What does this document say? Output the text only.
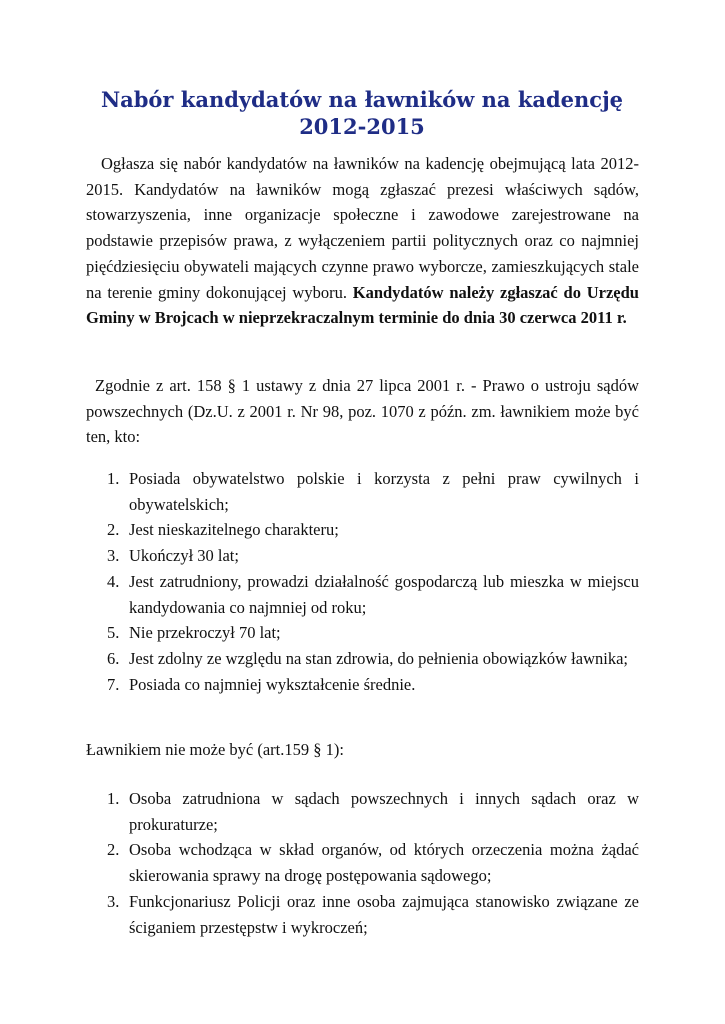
Nabór kandydatów na ławników na kadencję
2012-2015
Ogłasza się nabór kandydatów na ławników na kadencję obejmującą lata 2012-2015. Kandydatów na ławników mogą zgłaszać prezesi właściwych sądów, stowarzyszenia, inne organizacje społeczne i zawodowe zarejestrowane na podstawie przepisów prawa, z wyłączeniem partii politycznych oraz co najmniej pięćdziesięciu obywateli mających czynne prawo wyborcze, zamieszkujących stale na terenie gminy dokonującej wyboru. Kandydatów należy zgłaszać do Urzędu Gminy w Brojcach w nieprzekraczalnym terminie do dnia 30 czerwca 2011 r.
Zgodnie z art. 158 § 1 ustawy z dnia 27 lipca 2001 r. - Prawo o ustroju sądów powszechnych (Dz.U. z 2001 r. Nr 98, poz. 1070 z późn. zm. ławnikiem może być ten, kto:
1. Posiada obywatelstwo polskie i korzysta z pełni praw cywilnych i obywatelskich;
2. Jest nieskazitelnego charakteru;
3. Ukończył 30 lat;
4. Jest zatrudniony, prowadzi działalność gospodarczą lub mieszka w miejscu kandydowania co najmniej od roku;
5. Nie przekroczył 70 lat;
6. Jest zdolny ze względu na stan zdrowia, do pełnienia obowiązków ławnika;
7. Posiada co najmniej wykształcenie średnie.
Ławnikiem nie może być (art.159 § 1):
1. Osoba zatrudniona w sądach powszechnych i innych sądach oraz w prokuraturze;
2. Osoba wchodząca w skład organów, od których orzeczenia można żądać skierowania sprawy na drogę postępowania sądowego;
3. Funkcjonariusz Policji oraz inne osoba zajmująca stanowisko związane ze ściganiem przestępstw i wykroczeń;
